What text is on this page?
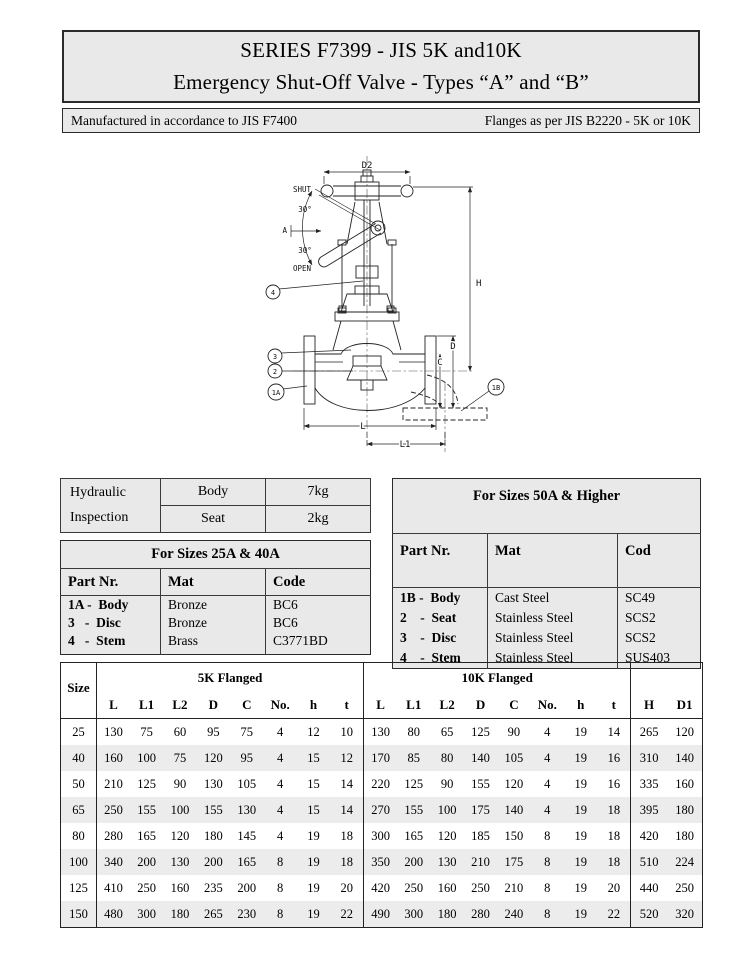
SERIES F7399 - JIS 5K and10K
Emergency Shut-Off Valve - Types “A” and “B”
Manufactured in accordance to JIS F7400	Flanges as per JIS B2220 - 5K or 10K
SHUT
30°
A
30°
OPEN
4
3
2
1A
1B
D2
H
D
C
L
L1
Hydraulic
Inspection	Body	7kg
	Seat	2kg
For Sizes 25A & 40A		
Part Nr.	Mat	Code
1A -  Body	Bronze	BC6
3   -  Disc	Bronze	BC6
4   -  Stem	Brass	C3771BD
For Sizes 50A & Higher		
Part Nr.	Mat	Cod
1B -  Body	Cast Steel	SC49
2    -  Seat	Stainless Steel	SCS2
3    -  Disc	Stainless Steel	SCS2
4    -  Stem	Stainless Steel	SUS403
Size	5K Flanged								10K Flanged									
	L	L1	L2	D	C	No.	h	t	L	L1	L2	D	C	No.	h	t	H	D1
25	130	75	60	95	75	4	12	10	130	80	65	125	90	4	19	14	265	120
40	160	100	75	120	95	4	15	12	170	85	80	140	105	4	19	16	310	140
50	210	125	90	130	105	4	15	14	220	125	90	155	120	4	19	16	335	160
65	250	155	100	155	130	4	15	14	270	155	100	175	140	4	19	18	395	180
80	280	165	120	180	145	4	19	18	300	165	120	185	150	8	19	18	420	180
100	340	200	130	200	165	8	19	18	350	200	130	210	175	8	19	18	510	224
125	410	250	160	235	200	8	19	20	420	250	160	250	210	8	19	20	440	250
150	480	300	180	265	230	8	19	22	490	300	180	280	240	8	19	22	520	320
